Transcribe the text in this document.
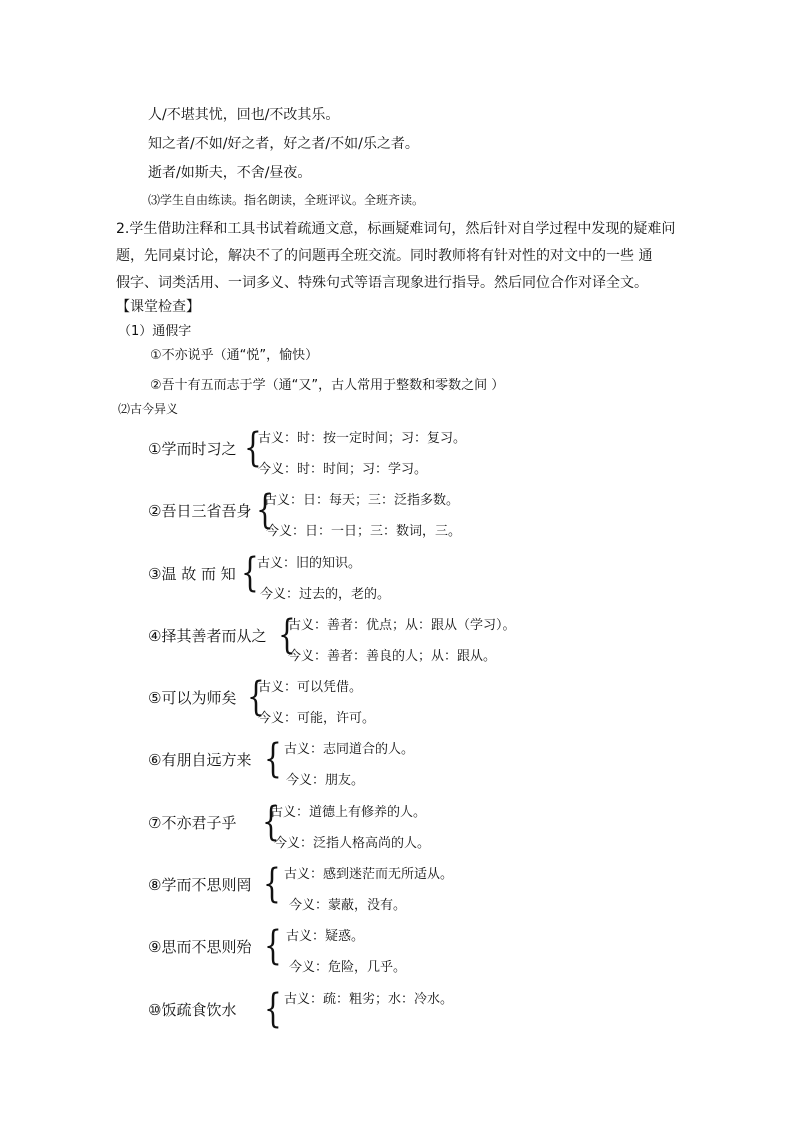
人/不堪其忧，回也/不改其乐。
知之者/不如/好之者，好之者/不如/乐之者。
逝者/如斯夫，不舍/昼夜。
⑶学生自由练读。指名朗读，全班评议。全班齐读。
2.学生借助注释和工具书试着疏通文意，标画疑难词句，然后针对自学过程中发现的疑难问
题，先同桌讨论，解决不了的问题再全班交流。同时教师将有针对性的对文中的一些 通
假字、词类活用、一词多义、特殊句式等语言现象进行指导。然后同位合作对译全文。
【课堂检查】
（1）通假字
①不亦说乎（通“悦”，愉快）
②吾十有五而志于学（通“又”，古人常用于整数和零数之间 ）
⑵古今异义
①学而时习之 {
古义：时：按一定时间；习：复习。
今义：时：时间；习：学习。
②吾日三省吾身 {
古义：日：每天；三：泛指多数。
今义：日：一日；三：数词，三。
③温 故 而 知 {
古义：旧的知识。
今义：过去的，老的。
④择其善者而从之 {
古义：善者：优点；从：跟从（学习）。
今义：善者：善良的人；从：跟从。
⑤可以为师矣 {
古义：可以凭借。
今义：可能，许可。
⑥有朋自远方来 { 古义：志同道合的人。
今义：朋友。
⑦不亦君子乎 {
古义：道德上有修养的人。
今义：泛指人格高尚的人。
⑧学而不思则罔 { 古义：感到迷茫而无所适从。
今义：蒙蔽，没有。
⑨思而不思则殆 { 古义：疑惑。
今义：危险，几乎。
⑩饭疏食饮水 { 古义：疏：粗劣；水：冷水。
